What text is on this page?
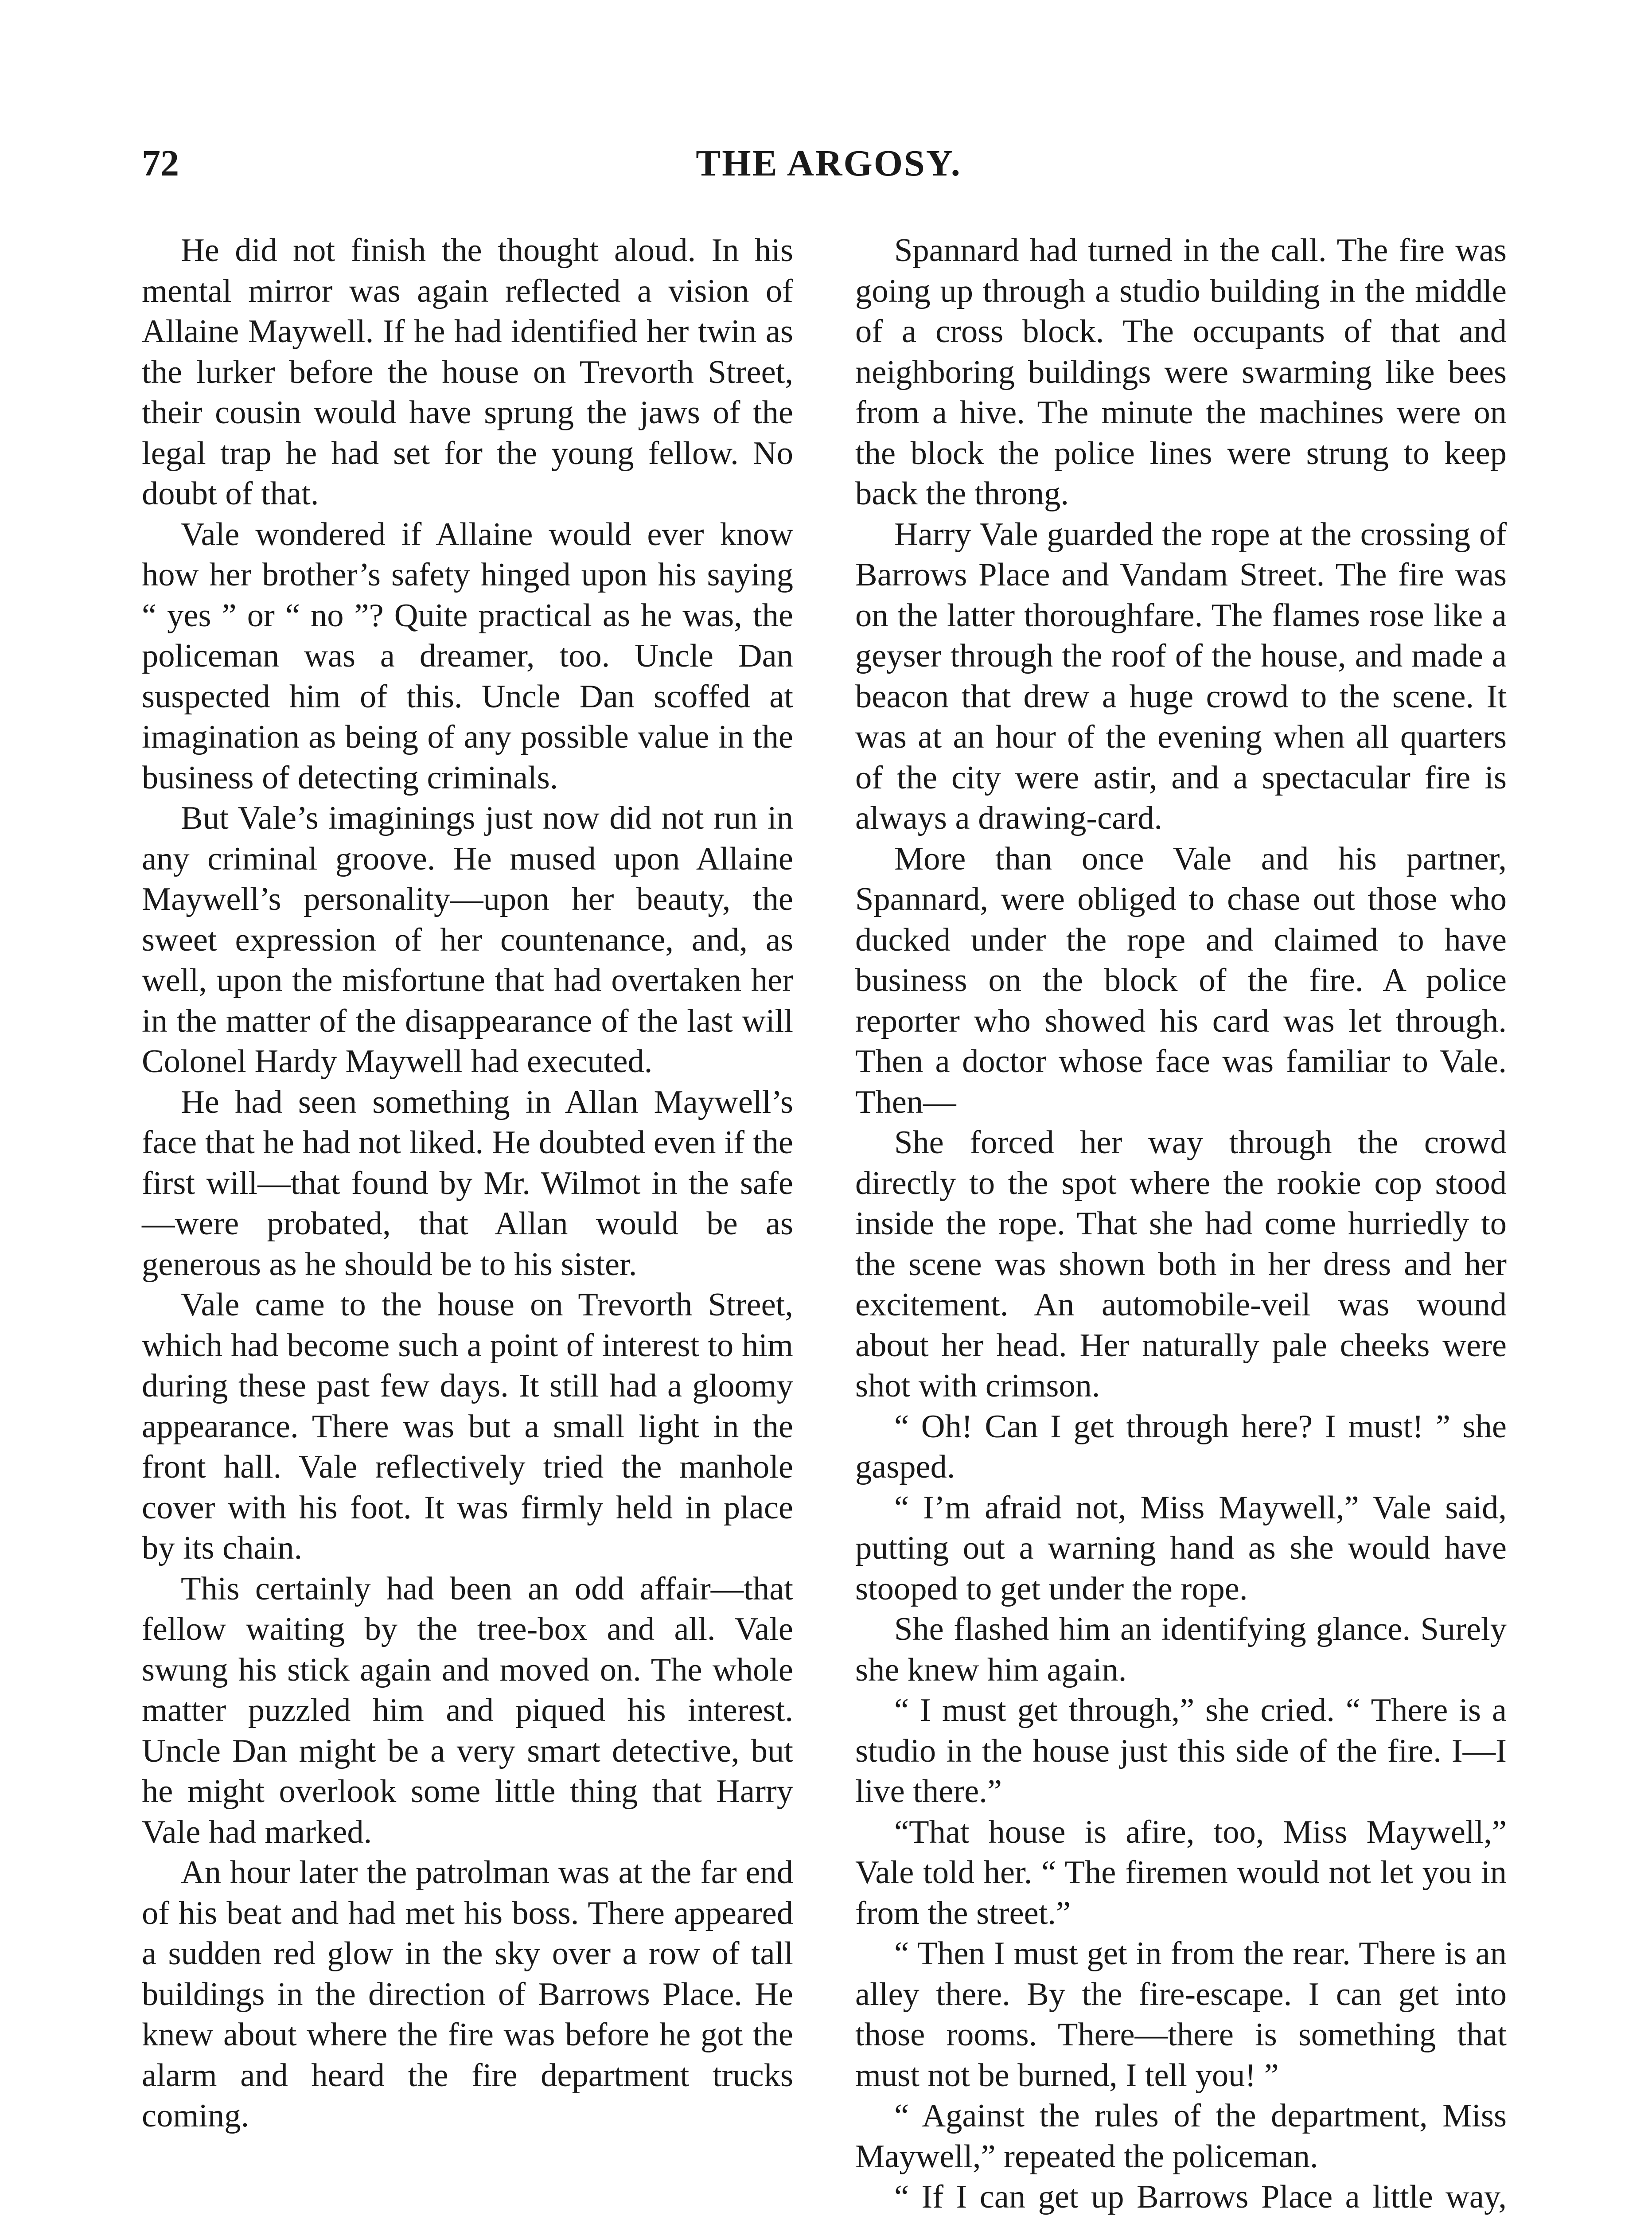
72	THE ARGOSY.

He did not finish the thought aloud. In his mental mirror was again reflected a vision of Allaine Maywell. If he had identified her twin as the lurker before the house on Trevorth Street, their cousin would have sprung the jaws of the legal trap he had set for the young fellow. No doubt of that.

Vale wondered if Allaine would ever know how her brother’s safety hinged upon his saying “ yes ” or “ no ”? Quite practical as he was, the policeman was a dreamer, too. Uncle Dan suspected him of this. Uncle Dan scoffed at imagination as being of any possible value in the business of detecting criminals.

But Vale’s imaginings just now did not run in any criminal groove. He mused upon Allaine Maywell’s personality—upon her beauty, the sweet expression of her countenance, and, as well, upon the misfortune that had overtaken her in the matter of the disappearance of the last will Colonel Hardy Maywell had executed.

He had seen something in Allan Maywell’s face that he had not liked. He doubted even if the first will—that found by Mr. Wilmot in the safe—were probated, that Allan would be as generous as he should be to his sister.

Vale came to the house on Trevorth Street, which had become such a point of interest to him during these past few days. It still had a gloomy appearance. There was but a small light in the front hall. Vale reflectively tried the manhole cover with his foot. It was firmly held in place by its chain.

This certainly had been an odd affair—that fellow waiting by the tree-box and all. Vale swung his stick again and moved on. The whole matter puzzled him and piqued his interest. Uncle Dan might be a very smart detective, but he might overlook some little thing that Harry Vale had marked.

An hour later the patrolman was at the far end of his beat and had met his boss. There appeared a sudden red glow in the sky over a row of tall buildings in the direction of Barrows Place. He knew about where the fire was before he got the alarm and heard the fire department trucks coming.

Spannard had turned in the call. The fire was going up through a studio building in the middle of a cross block. The occupants of that and neighboring buildings were swarming like bees from a hive. The minute the machines were on the block the police lines were strung to keep back the throng.

Harry Vale guarded the rope at the crossing of Barrows Place and Vandam Street. The fire was on the latter thoroughfare. The flames rose like a geyser through the roof of the house, and made a beacon that drew a huge crowd to the scene. It was at an hour of the evening when all quarters of the city were astir, and a spectacular fire is always a drawing-card.

More than once Vale and his partner, Spannard, were obliged to chase out those who ducked under the rope and claimed to have business on the block of the fire. A police reporter who showed his card was let through. Then a doctor whose face was familiar to Vale. Then—

She forced her way through the crowd directly to the spot where the rookie cop stood inside the rope. That she had come hurriedly to the scene was shown both in her dress and her excitement. An automobile-veil was wound about her head. Her naturally pale cheeks were shot with crimson.

“ Oh! Can I get through here? I must! ” she gasped.

“ I’m afraid not, Miss Maywell,” Vale said, putting out a warning hand as she would have stooped to get under the rope.

She flashed him an identifying glance. Surely she knew him again.

“ I must get through,” she cried. “ There is a studio in the house just this side of the fire. I—I live there.”

“That house is afire, too, Miss Maywell,” Vale told her. “ The firemen would not let you in from the street.”

“ Then I must get in from the rear. There is an alley there. By the fire-escape. I can get into those rooms. There—there is something that must not be burned, I tell you! ”

“ Against the rules of the department, Miss Maywell,” repeated the policeman.

“ If I can get up Barrows Place a little way,
